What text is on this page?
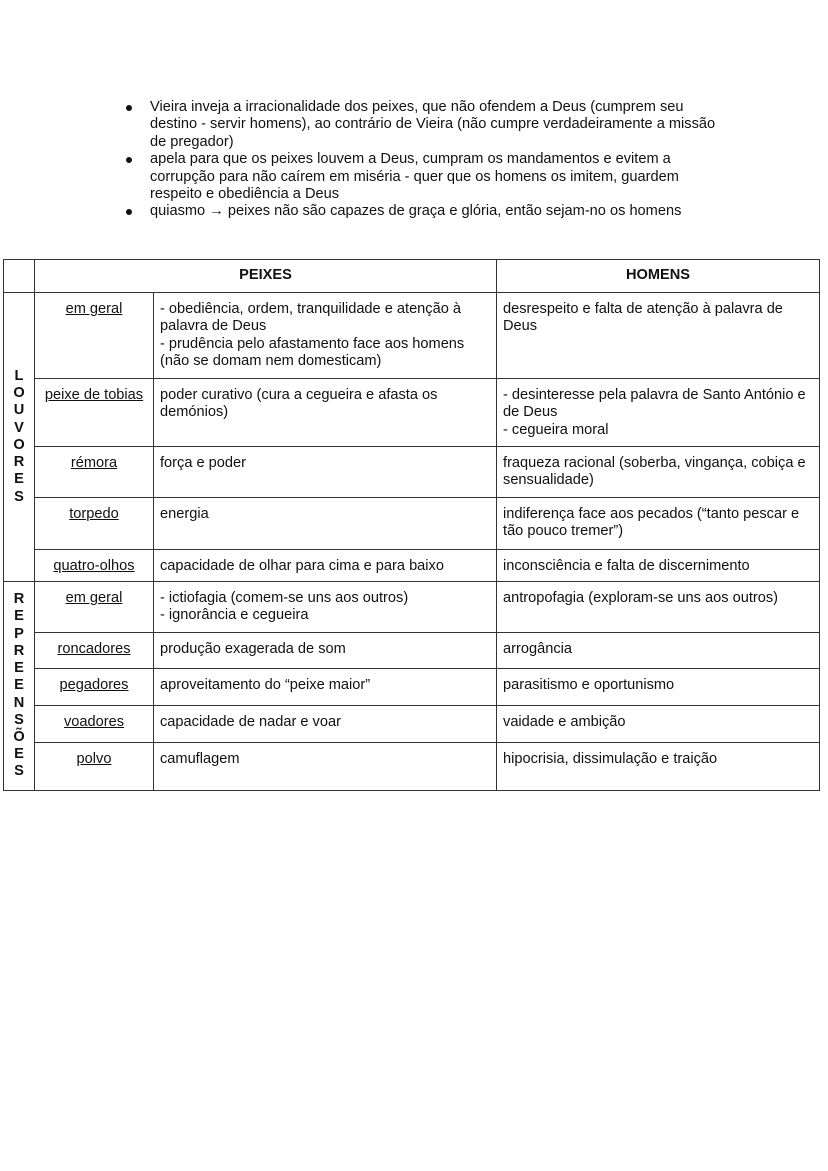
Vieira inveja a irracionalidade dos peixes, que não ofendem a Deus (cumprem seu destino - servir homens), ao contrário de Vieira (não cumpre verdadeiramente a missão de pregador)
apela para que os peixes louvem a Deus, cumpram os mandamentos e evitem a corrupção para não caírem em miséria - quer que os homens os imitem, guardem respeito e obediência a Deus
quiasmo → peixes não são capazes de graça e glória, então sejam-no os homens
	PEIXES		HOMENS
LOUVORES	em geral	- obediência, ordem, tranquilidade e atenção à palavra de Deus
- prudência pelo afastamento face aos homens (não se domam nem domesticam)	desrespeito e falta de atenção à palavra de Deus

	peixe de tobias	poder curativo (cura a cegueira e afasta os demónios)	- desinteresse pela palavra de Santo António e de Deus
- cegueira moral

	rémora	força e poder	fraqueza racional (soberba, vingança, cobiça e sensualidade)

	torpedo	energia	indiferença face aos pecados (“tanto pescar e tão pouco tremer”)

	quatro-olhos	capacidade de olhar para cima e para baixo	inconsciência e falta de discernimento

REPREENSÕES	em geral	- ictiofagia (comem-se uns aos outros)
- ignorância e cegueira	antropofagia (exploram-se uns aos outros)

	roncadores	produção exagerada de som	arrogância

	pegadores	aproveitamento do “peixe maior”	parasitismo e oportunismo

	voadores	capacidade de nadar e voar	vaidade e ambição

	polvo	camuflagem	hipocrisia, dissimulação e traição
